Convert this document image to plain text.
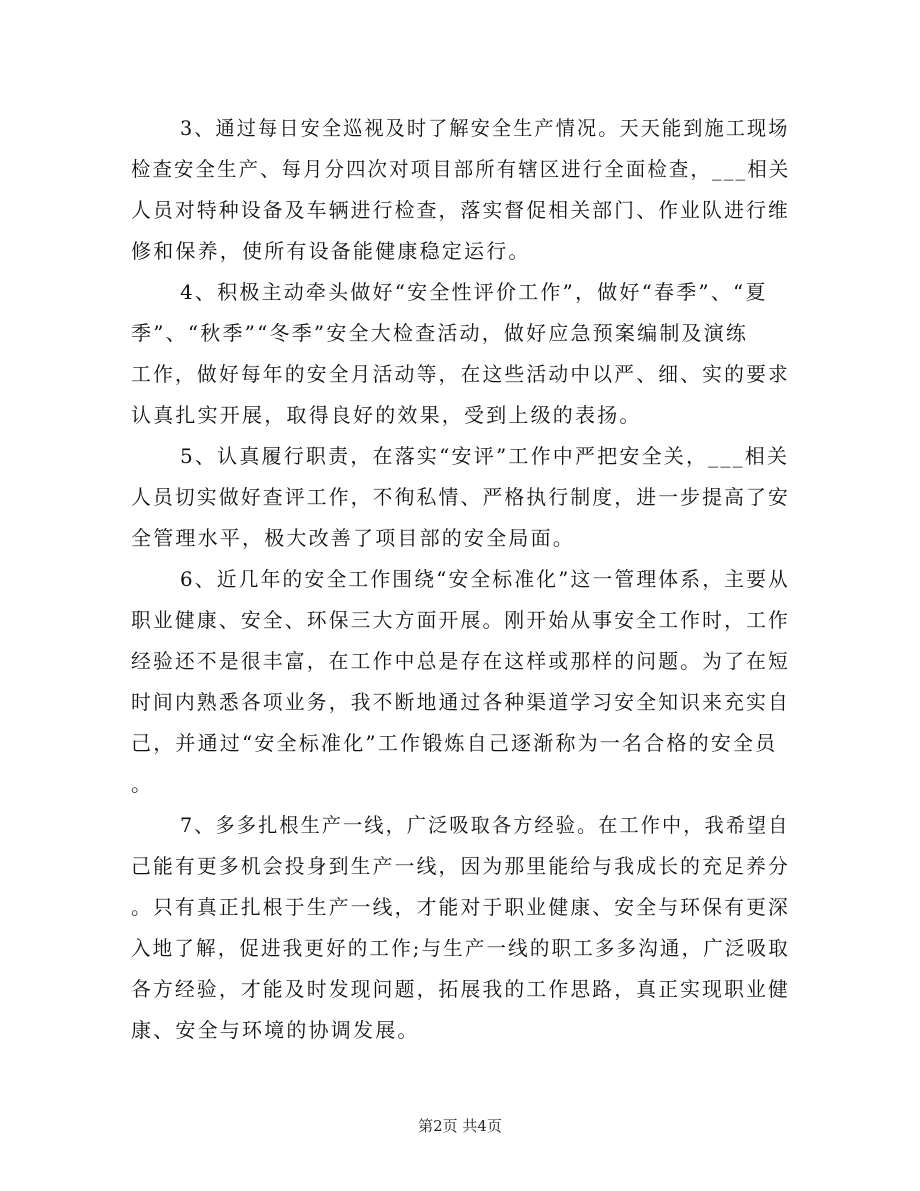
3、通过每日安全巡视及时了解安全生产情况。天天能到施工现场
检查安全生产、每月分四次对项目部所有辖区进行全面检查，___相关
人员对特种设备及车辆进行检查，落实督促相关部门、作业队进行维
修和保养，使所有设备能健康稳定运行。
4、积极主动牵头做好“安全性评价工作”，做好“春季”、“夏
季”、“秋季”“冬季”安全大检查活动，做好应急预案编制及演练
工作，做好每年的安全月活动等，在这些活动中以严、细、实的要求
认真扎实开展，取得良好的效果，受到上级的表扬。
5、认真履行职责，在落实“安评”工作中严把安全关，___相关
人员切实做好查评工作，不徇私情、严格执行制度，进一步提高了安
全管理水平，极大改善了项目部的安全局面。
6、近几年的安全工作围绕“安全标准化”这一管理体系，主要从
职业健康、安全、环保三大方面开展。刚开始从事安全工作时，工作
经验还不是很丰富，在工作中总是存在这样或那样的问题。为了在短
时间内熟悉各项业务，我不断地通过各种渠道学习安全知识来充实自
己，并通过“安全标准化”工作锻炼自己逐渐称为一名合格的安全员
。
7、多多扎根生产一线，广泛吸取各方经验。在工作中，我希望自
己能有更多机会投身到生产一线，因为那里能给与我成长的充足养分
。只有真正扎根于生产一线，才能对于职业健康、安全与环保有更深
入地了解，促进我更好的工作;与生产一线的职工多多沟通，广泛吸取
各方经验，才能及时发现问题，拓展我的工作思路，真正实现职业健
康、安全与环境的协调发展。
第2页 共4页
